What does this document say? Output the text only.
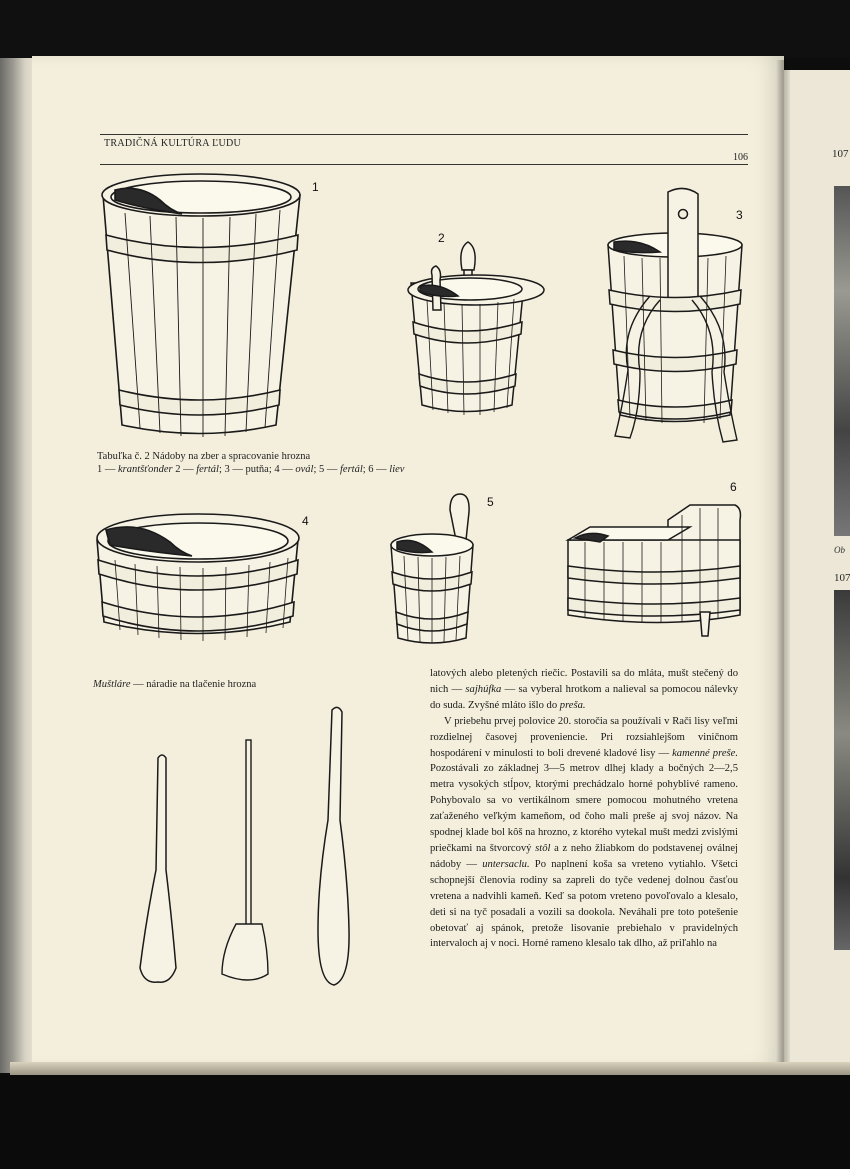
107
Ob
107
TRADIČNÁ KULTÚRA ĽUDU
106
1
2
3
4
5
6
Tabuľka č. 2 Nádoby na zber a spracovanie hrozna
1 — krantšťonder 2 — fertál; 3 — putňa; 4 — ovál; 5 — fertál; 6 — liev
Muštláre — náradie na tlačenie hrozna

latových alebo pletených riečic. Postavili sa do mláta, mušt stečený do nich — sajhúfka — sa vyberal hrotkom a nalieval sa pomocou nálevky do suda. Zvyšné mláto išlo do preša.

V priebehu prvej polovice 20. storočia sa používali v Rači lisy veľmi rozdielnej časovej proveniencie. Pri rozsiahlejšom viničnom hospodárení v minulosti to boli drevené kladové lisy — kamenné preše. Pozostávali zo základnej 3—5 metrov dlhej klady a bočných 2—2,5 metra vysokých stĺpov, ktorými prechádzalo horné pohyblivé rameno. Pohybovalo sa vo vertikálnom smere pomocou mohutného vretena zaťaženého veľkým kameňom, od čoho mali preše aj svoj názov. Na spodnej klade bol kôš na hrozno, z ktorého vytekal mušt medzi zvislými priečkami na štvorcový stôl a z neho žliabkom do podstavenej oválnej nádoby — untersaclu. Po naplnení koša sa vreteno vytiahlo. Všetci schopnejší členovia rodiny sa zapreli do tyče vedenej dolnou časťou vretena a nadvihli kameň. Keď sa potom vreteno povoľovalo a klesalo, deti si na tyč posadali a vozili sa dookola. Neváhali pre toto potešenie obetovať aj spánok, pretože lisovanie prebiehalo v pravidelných intervaloch aj v noci. Horné rameno klesalo tak dlho, až priľahlo na
